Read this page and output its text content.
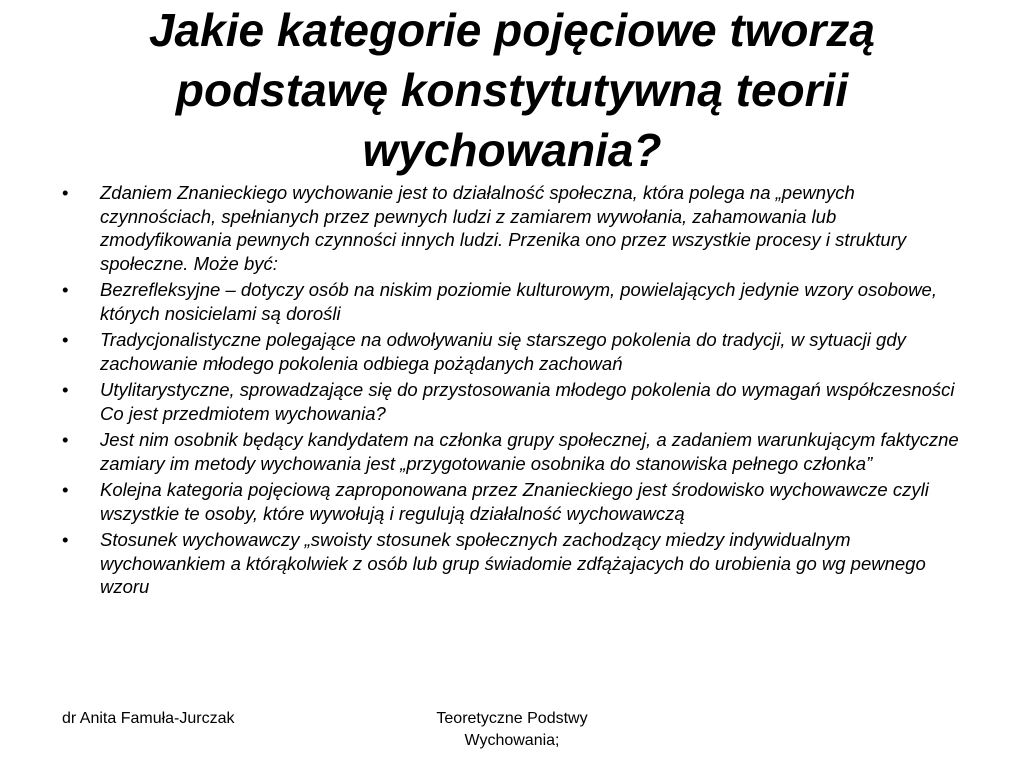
Jakie kategorie pojęciowe tworzą
podstawę konstytutywną teorii
wychowania?
• Zdaniem Znanieckiego wychowanie jest to działalność społeczna, która polega na „pewnych czynnościach, spełnianych przez pewnych ludzi z zamiarem wywołania, zahamowania lub zmodyfikowania pewnych czynności innych ludzi. Przenika ono przez wszystkie procesy i struktury społeczne. Może być:
• Bezrefleksyjne – dotyczy osób na niskim poziomie kulturowym, powielających jedynie wzory osobowe, których nosicielami są dorośli
• Tradycjonalistyczne polegające na odwoływaniu się starszego pokolenia do tradycji, w sytuacji gdy zachowanie młodego pokolenia odbiega pożądanych zachowań
• Utylitarystyczne, sprowadzające się do przystosowania młodego pokolenia do wymagań współczesności Co jest przedmiotem wychowania?
• Jest nim osobnik będący kandydatem na członka grupy społecznej, a zadaniem warunkującym faktyczne zamiary im metody wychowania jest „przygotowanie osobnika do stanowiska pełnego członka”
• Kolejna kategoria pojęciową zaproponowana przez Znanieckiego jest środowisko wychowawcze czyli wszystkie te osoby, które wywołują i regulują działalność wychowawczą
• Stosunek wychowawczy „swoisty stosunek społecznych zachodzący miedzy indywidualnym wychowankiem a którąkolwiek z osób lub grup świadomie zdfążajacych do urobienia go wg pewnego wzoru
dr Anita Famuła-Jurczak	Teoretyczne Podstwy
Wychowania;
